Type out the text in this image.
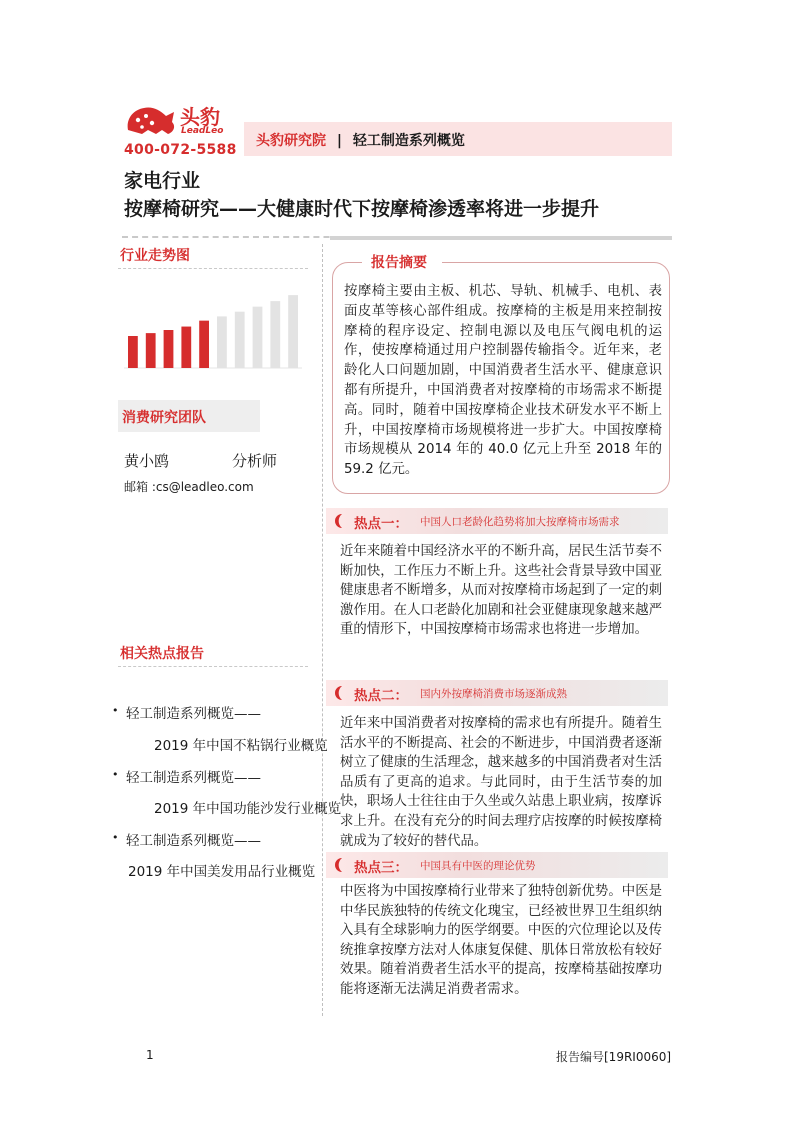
头豹
LeadLeo
400-072-5588
头豹研究院 | 轻工制造系列概览
家电行业
按摩椅研究——大健康时代下按摩椅渗透率将进一步提升
行业走势图
消费研究团队
黄小鸥	分析师
邮箱 :cs@leadleo.com
相关热点报告
• 轻工制造系列概览——
2019 年中国不粘锅行业概览
• 轻工制造系列概览——
2019 年中国功能沙发行业概览
• 轻工制造系列概览——
2019 年中国美发用品行业概览
报告摘要
按摩椅主要由主板、机芯、导轨、机械手、电机、表面皮革等核心部件组成。按摩椅的主板是用来控制按摩椅的程序设定、控制电源以及电压气阀电机的运作，使按摩椅通过用户控制器传输指令。近年来，老龄化人口问题加剧，中国消费者生活水平、健康意识都有所提升，中国消费者对按摩椅的市场需求不断提高。同时，随着中国按摩椅企业技术研发水平不断上升，中国按摩椅市场规模将进一步扩大。中国按摩椅市场规模从 2014 年的 40.0 亿元上升至 2018 年的 59.2 亿元。
热点一： 中国人口老龄化趋势将加大按摩椅市场需求
近年来随着中国经济水平的不断升高，居民生活节奏不断加快，工作压力不断上升。这些社会背景导致中国亚健康患者不断增多，从而对按摩椅市场起到了一定的刺激作用。在人口老龄化加剧和社会亚健康现象越来越严重的情形下，中国按摩椅市场需求也将进一步增加。
热点二： 国内外按摩椅消费市场逐渐成熟
近年来中国消费者对按摩椅的需求也有所提升。随着生活水平的不断提高、社会的不断进步，中国消费者逐渐树立了健康的生活理念，越来越多的中国消费者对生活品质有了更高的追求。与此同时，由于生活节奏的加快，职场人士往往由于久坐或久站患上职业病，按摩诉求上升。在没有充分的时间去理疗店按摩的时候按摩椅就成为了较好的替代品。
热点三： 中国具有中医的理论优势
中医将为中国按摩椅行业带来了独特创新优势。中医是中华民族独特的传统文化瑰宝，已经被世界卫生组织纳入具有全球影响力的医学纲要。中医的穴位理论以及传统推拿按摩方法对人体康复保健、肌体日常放松有较好效果。随着消费者生活水平的提高，按摩椅基础按摩功能将逐渐无法满足消费者需求。
1	报告编号[19RI0060]
